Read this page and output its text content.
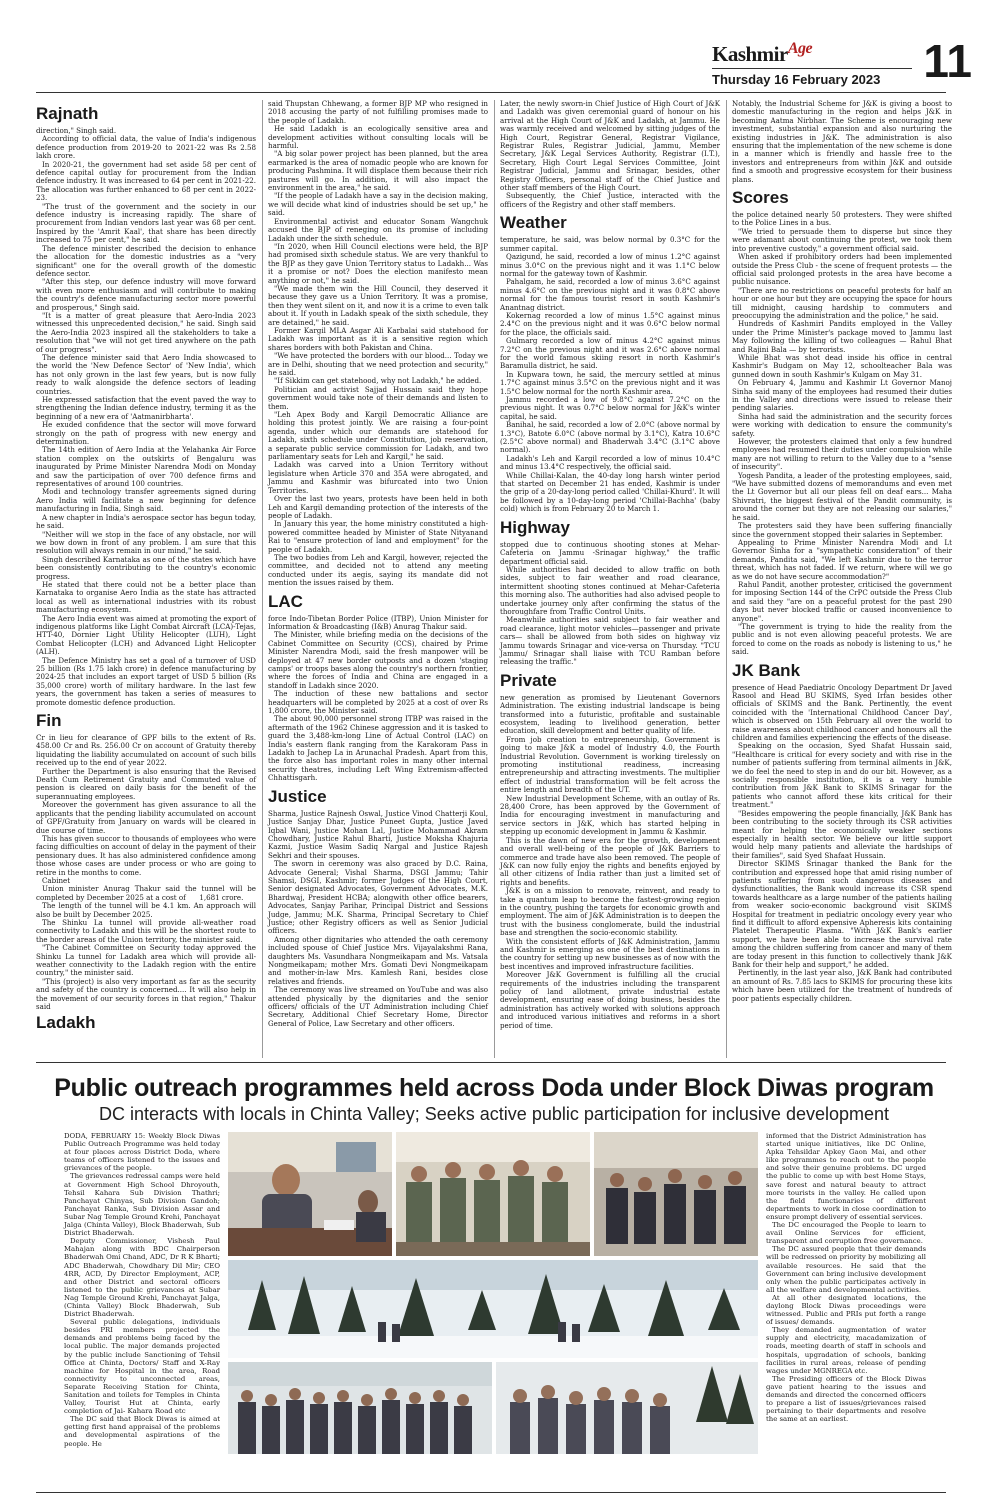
Kashmir$^{Age}$
Thursday 16 February 2023 11
Rajnath

direction," Singh said.

According to official data, the value of India's indigenous defence production from 2019-20 to 2021-22 was Rs 2.58 lakh crore.

In 2020-21, the government had set aside 58 per cent of defence capital outlay for procurement from the Indian defence industry. It was increased to 64 per cent in 2021-22. The allocation was further enhanced to 68 per cent in 2022-23.

"The trust of the government and the society in our defence industry is increasing rapidly. The share of procurement from Indian vendors last year was 68 per cent. Inspired by the 'Amrit Kaal', that share has been directly increased to 75 per cent," he said.

The defence minister described the decision to enhance the allocation for the domestic industries as a "very significant" one for the overall growth of the domestic defence sector.

"After this step, our defence industry will move forward with even more enthusiasm and will contribute to making the country's defence manufacturing sector more powerful and prosperous," Singh said.

"It is a matter of great pleasure that Aero-India 2023 witnessed this unprecedented decision," he said. Singh said the Aero-India 2023 inspired all the stakeholders to take a resolution that "we will not get tired anywhere on the path of our progress".

The defence minister said that Aero India showcased to the world the 'New Defence Sector' of 'New India', which has not only grown in the last few years, but is now fully ready to walk alongside the defence sectors of leading countries.

He expressed satisfaction that the event paved the way to strengthening the Indian defence industry, terming it as the beginning of a new era of 'Aatmanirbharta'.

He exuded confidence that the sector will move forward strongly on the path of progress with new energy and determination.

The 14th edition of Aero India at the Yelahanka Air Force station complex on the outskirts of Bengaluru was inaugurated by Prime Minister Narendra Modi on Monday and saw the participation of over 700 defence firms and representatives of around 100 countries.

Modi and technology transfer agreements signed during Aero India will facilitate a new beginning for defence manufacturing in India, Singh said.

A new chapter in India's aerospace sector has begun today, he said.

"Neither will we stop in the face of any obstacle, nor will we bow down in front of any problem. I am sure that this resolution will always remain in our mind," he said.

Singh described Karnataka as one of the states which have been consistently contributing to the country's economic progress.

He stated that there could not be a better place than Karnataka to organise Aero India as the state has attracted local as well as international industries with its robust manufacturing ecosystem.

The Aero India event was aimed at promoting the export of indigenous platforms like Light Combat Aircraft (LCA)-Tejas, HTT-40, Dornier Light Utility Helicopter (LUH), Light Combat Helicopter (LCH) and Advanced Light Helicopter (ALH).

The Defence Ministry has set a goal of a turnover of USD 25 billion (Rs 1.75 lakh crore) in defence manufacturing by 2024-25 that includes an export target of USD 5 billion (Rs 35,000 crore) worth of military hardware. In the last few years, the government has taken a series of measures to promote domestic defence production.

Fin

Cr in lieu for clearance of GPF bills to the extent of Rs. 458.00 Cr and Rs. 256.00 Cr on account of Gratuity thereby liquidating the liability accumulated on account of such bills received up to the end of year 2022.

Further the Department is also ensuring that the Revised Death Cum Retirement Gratuity and Commuted value of pension is cleared on daily basis for the benefit of the superannuating employees.

Moreover the government has given assurance to all the applicants that the pending liability accumulated on account of GPF/Gratuity from January on wards will be cleared in due course of time.

This has given succor to thousands of employees who were facing difficulties on account of delay in the payment of their pensionary dues. It has also administered confidence among those whose cases are under process or who are going to retire in the months to come.

Cabinet

Union minister Anurag Thakur said the tunnel will be completed by December 2025 at a cost of      1,681 crore.

The length of the tunnel will be 4.1 km. An approach will also be built by December 2025.

The Shinku La tunnel will provide all-weather road connectivity to Ladakh and this will be the shortest route to the border areas of the Union territory, the minister said.

"The Cabinet Committee on Security today approved the Shinku La tunnel for Ladakh area which will provide all-weather connectivity to the Ladakh region with the entire country," the minister said.

"This (project) is also very important as far as the security and safety of the country is concerned.... It will also help in the movement of our security forces in that region," Thakur said

Ladakh

said Thupstan Chhewang, a former BJP MP who resigned in 2018 accusing the party of not fulfilling promises made to the people of Ladakh.

He said Ladakh is an ecologically sensitive area and development activities without consulting locals will be harmful.

"A big solar power project has been planned, but the area earmarked is the area of nomadic people who are known for producing Pashmina. It will displace them because their rich pastures will go. In addition, it will also impact the environment in the area," he said.

"If the people of Ladakh have a say in the decision making, we will decide what kind of industries should be set up," he said.

Environmental activist and educator Sonam Wangchuk accused the BJP of reneging on its promise of including Ladakh under the sixth schedule.

"In 2020, when Hill Council elections were held, the BJP had promised sixth schedule status. We are very thankful to the BJP as they gave Union Territory status to Ladakh... Was it a promise or not? Does the election manifesto mean anything or not," he said.

"We made them win the Hill Council, they deserved it because they gave us a Union Territory. It was a promise, then they went silent on it, and now it is a crime to even talk about it. If youth in Ladakh speak of the sixth schedule, they are detained," he said.

Former Kargil MLA Asgar Ali Karbalai said statehood for Ladakh was important as it is a sensitive region which shares borders with both Pakistan and China.

"We have protected the borders with our blood... Today we are in Delhi, shouting that we need protection and security," he said.

"If Sikkim can get statehood, why not Ladakh," he added.

Politician and activist Sajjad Hussain said they hope government would take note of their demands and listen to them.

"Leh Apex Body and Kargil Democratic Alliance are holding this protest jointly. We are raising a four-point agenda, under which our demands are statehood for Ladakh, sixth schedule under Constitution, job reservation, a separate public service commission for Ladakh, and two parliamentary seats for Leh and Kargil," he said.

Ladakh was carved into a Union Territory without legislature when Article 370 and 35A were abrogated, and Jammu and Kashmir was bifurcated into two Union Territories.

Over the last two years, protests have been held in both Leh and Kargil demanding protection of the interests of the people of Ladakh.

In January this year, the home ministry constituted a high-powered committee headed by Minister of State Nityanand Rai to "ensure protection of land and employment" for the people of Ladakh.

The two bodies from Leh and Kargil, however, rejected the committee, and decided not to attend any meeting conducted under its aegis, saying its mandate did not mention the issues raised by them.

LAC

force Indo-Tibetan Border Police (ITBP), Union Minister for Information & Broadcasting (I&B) Anurag Thakur said.

The Minister, while briefing media on the decisions of the Cabinet Committee on Security (CCS), chaired by Prime Minister Narendra Modi, said the fresh manpower will be deployed at 47 new border outposts and a dozen 'staging camps' or troops bases along the country's northern frontier, where the forces of India and China are engaged in a standoff in Ladakh since 2020.

The induction of these new battalions and sector headquarters will be completed by 2025 at a cost of over Rs 1,800 crore, the Minister said.

The about 90,000 personnel strong ITBP was raised in the aftermath of the 1962 Chinese aggression and it is tasked to guard the 3,488-km-long Line of Actual Control (LAC) on India's eastern flank ranging from the Karakoram Pass in Ladakh to Jachep La in Arunachal Pradesh. Apart from this, the force also has important roles in many other internal security theatres, including Left Wing Extremism-affected Chhattisgarh.

Justice

Sharma, Justice Rajnesh Oswal, Justice Vinod Chatterji Koul, Justice Sanjay Dhar, Justice Puneet Gupta, Justice Javed Iqbal Wani, Justice Mohan Lal, Justice Mohammad Akram Chowdhary, Justice Rahul Bharti, Justice Moksha Khajuria Kazmi, Justice Wasim Sadiq Nargal and Justice Rajesh Sekhri and their spouses.

The sworn in ceremony was also graced by D.C. Raina, Advocate General; Vishal Sharma, DSGI Jammu; Tahir Shamsi, DSGI, Kashmir; former Judges of the High Court, Senior designated Advocates, Government Advocates, M.K. Bhardwaj, President HCBA; alongwith other office bearers, Advocates, Sanjay Parihar, Principal District and Sessions Judge, Jammu; M.K. Sharma, Principal Secretary to Chief Justice; other Registry officers as well as Senior Judicial officers.

Among other dignitaries who attended the oath ceremony included spouse of Chief Justice Mrs. Vijayalakshmi Rana, daughters Ms. Vasundhara Nongmeikapam and Ms. Vatsala Nongmeikapam; mother Mrs. Gomati Devi Nongmeikapam and mother-in-law Mrs. Kamlesh Rani, besides close relatives and friends.

The ceremony was live streamed on YouTube and was also attended physically by the dignitaries and the senior officers/ officials of the UT Administration including Chief Secretary, Additional Chief Secretary Home, Director General of Police, Law Secretary and other officers.

Later, the newly sworn-in Chief Justice of High Court of J&K and Ladakh was given ceremonial guard of honour on his arrival at the High Court of J&K and Ladakh, at Jammu. He was warmly received and welcomed by sitting judges of the High Court, Registrar General, Registrar Vigilance, Registrar Rules, Registrar Judicial, Jammu, Member Secretary, J&K Legal Services Authority, Registrar (I.T.), Secretary, High Court Legal Services Committee, Joint Registrar Judicial, Jammu and Srinagar, besides, other Registry Officers, personal staff of the Chief Justice and other staff members of the High Court.

Subsequently, the Chief Justice, interacted with the officers of the Registry and other staff members.

Weather

temperature, he said, was below normal by 0.3°C for the summer capital.

Qazigund, he said, recorded a low of minus 1.2°C against minus 3.0°C on the previous night and it was 1.1°C below normal for the gateway town of Kashmir.

Pahalgam, he said, recorded a low of minus 3.6°C against minus 4.6°C on the previous night and it was 0.8°C above normal for the famous tourist resort in south Kashmir's Anantnag district.

Kokernag recorded a low of minus 1.5°C against minus 2.4°C on the previous night and it was 0.6°C below normal for the place, the officials said.

Gulmarg recorded a low of minus 4.2°C against minus 7.2°C on the previous night and it was 2.6°C above normal for the world famous skiing resort in north Kashmir's Baramulla district, he said.

In Kupwara town, he said, the mercury settled at minus 1.7°C against minus 3.5°C on the previous night and it was 1.5°C below normal for the north Kashmir area.

Jammu recorded a low of 9.8°C against 7.2°C on the previous night. It was 0.7°C below normal for J&K's winter capital, he said.

Banihal, he said, recorded a low of 2.0°C (above normal by 1.3°C), Batote 6.0°C (above normal by 3.1°C), Katra 10.6°C (2.5°C above normal) and Bhaderwah 3.4°C (3.1°C above normal).

Ladakh's Leh and Kargil recorded a low of minus 10.4°C and minus 13.4°C respectively, the official said.

While Chillai-Kalan, the 40-day long harsh winter period that started on December 21 has ended, Kashmir is under the grip of a 20-day-long period called 'Chillai-Khurd'. It will be followed by a 10-day-long period 'Chillai-Bachha' (baby cold) which is from February 20 to March 1.

Highway

stopped due to continuous shooting stones at Mehar-Cafeteria on Jammu -Srinagar highway," the traffic department official said.

While authorities had decided to allow traffic on both sides, subject to fair weather and road clearance, intermittent shooting stones continued at Mehar-Cafeteria this morning also. The authorities had also advised people to undertake journey only after confirming the status of the thoroughfare from Traffic Control Units.

Meanwhile authorities said subject to fair weather and road clearance, light motor vehicles—passenger and private cars— shall be allowed from both sides on highway viz Jammu towards Srinagar and vice-versa on Thursday. "TCU Jammu/ Srinagar shall liaise with TCU Ramban before releasing the traffic."

Private

new generation as promised by Lieutenant Governors Administration. The existing industrial landscape is being transformed into a futuristic, profitable and sustainable ecosystem, leading to livelihood generation, better education, skill development and better quality of life.

From job creation to entrepreneurship, Government is going to make J&K a model of Industry 4.0, the Fourth Industrial Revolution. Government is working tirelessly on promoting institutional readiness, increasing entrepreneurship and attracting investments. The multiplier effect of industrial transformation will be felt across the entire length and breadth of the UT.

New Industrial Development Scheme, with an outlay of Rs. 28,400 Crore, has been approved by the Government of India for encouraging investment in manufacturing and service sectors in J&K, which has started helping in stepping up economic development in Jammu & Kashmir.

This is the dawn of new era for the growth, development and overall well-being of the people of J&K Barriers to commerce and trade have also been removed. The people of J&K can now fully enjoy the rights and benefits enjoyed by all other citizens of India rather than just a limited set of rights and benefits.

J&K is on a mission to renovate, reinvent, and ready to take a quantum leap to become the fastest-growing region in the country, pushing the targets for economic growth and employment. The aim of J&K Administration is to deepen the trust with the business conglomerate, build the industrial base and strengthen the socio-economic stability.

With the consistent efforts of J&K Administration, Jammu and Kashmir is emerging as one of the best destinations in the country for setting up new businesses as of now with the best incentives and improved infrastructure facilities.

Moreover J&K Government is fulfilling all the crucial requirements of the industries including the transparent policy of land allotment, private industrial estate development, ensuring ease of doing business, besides the administration has actively worked with solutions approach and introduced various initiatives and reforms in a short period of time.

Notably, the Industrial Scheme for J&K is giving a boost to domestic manufacturing in the region and helps J&K in becoming Aatma Nirbhar. The Scheme is encouraging new investment, substantial expansion and also nurturing the existing industries in J&K. The administration is also ensuring that the implementation of the new scheme is done in a manner which is friendly and hassle free to the investors and entrepreneurs from within J&K and outside find a smooth and progressive ecosystem for their business plans.

Scores

the police detained nearly 50 protesters. They were shifted to the Police Lines in a bus.

"We tried to persuade them to disperse but since they were adamant about continuing the protest, we took them into preventive custody," a government official said.

When asked if prohibitory orders had been implemented outside the Press Club - the scene of frequent protests — the official said prolonged protests in the area have become a public nuisance.

"There are no restrictions on peaceful protests for half an hour or one hour but they are occupying the space for hours till midnight, causing hardship to commuters and preoccupying the administration and the police," he said.

Hundreds of Kashmiri Pandits employed in the Valley under the Prime Minister's package moved to Jammu last May following the killing of two colleagues — Rahul Bhat and Rajini Bala — by terrorists.

While Bhat was shot dead inside his office in central Kashmir's Budgam on May 12, schoolteacher Bala was gunned down in south Kashmir's Kulgam on May 31.

On February 4, Jammu and Kashmir Lt Governor Manoj Sinha said many of the employees had resumed their duties in the Valley and directions were issued to release their pending salaries.

Sinha had said the administration and the security forces were working with dedication to ensure the community's safety.

However, the protesters claimed that only a few hundred employees had resumed their duties under compulsion while many are not willing to return to the Valley due to a "sense of insecurity".

Yogesh Pandita, a leader of the protesting employees, said, "We have submitted dozens of memorandums and even met the Lt Governor but all our pleas fell on deaf ears... Maha Shivratri, the biggest festival of the Pandit community, is around the corner but they are not releasing our salaries," he said.

The protesters said they have been suffering financially since the government stopped their salaries in September.

Appealing to Prime Minister Narendra Modi and Lt Governor Sinha for a "sympathetic consideration" of their demands, Pandita said, "We left Kashmir due to the terror threat, which has not faded. If we return, where will we go as we do not have secure accommodation?"

Rahul Pandit, another protester, criticised the government for imposing Section 144 of the CrPC outside the Press Club and said they "are on a peaceful protest for the past 290 days but never blocked traffic or caused inconvenience to anyone".

"The government is trying to hide the reality from the public and is not even allowing peaceful protests. We are forced to come on the roads as nobody is listening to us," he said.

JK Bank

presence of Head Paediatric Oncology Department Dr Javed Rasool and Head BU SKIMS, Syed Irfan besides other officials of SKIMS and the Bank. Pertinently, the event coincided with the 'International Childhood Cancer Day', which is observed on 15th February all over the world to raise awareness about childhood cancer and honours all the children and families experiencing the effects of the disease.

Speaking on the occasion, Syed Shafat Hussain said, "Healthcare is critical for every society and with rise in the number of patients suffering from terminal ailments in J&K, we do feel the need to step in and do our bit. However, as a socially responsible institution, it is a very humble contribution from J&K Bank to SKIMS Srinagar for the patients who cannot afford these kits critical for their treatment."

"Besides empowering the people financially, J&K Bank has been contributing to the society through its CSR activities meant for helping the economically weaker sections especially in health sector. We believe our little support would help many patients and alleviate the hardships of their families", said Syed Shafaat Hussain.

Director SKIMS Srinagar thanked the Bank for the contribution and expressed hope that amid rising number of patients suffering from such dangerous diseases and dysfunctionalities, the Bank would increase its CSR spend towards healthcare as a large number of the patients hailing from weaker socio-economic background visit SKIMS Hospital for treatment in pediatric oncology every year who find it difficult to afford expensive Apheresis kits containing Platelet Therapeutic Plasma. "With J&K Bank's earlier support, we have been able to increase the survival rate among the children suffering from cancer and many of them are today present in this function to collectively thank J&K Bank for their help and support," he added.

Pertinently, in the last year also, J&K Bank had contributed an amount of Rs. 7.85 lacs to SKIMS for procuring these kits which have been utilized for the treatment of hundreds of poor patients especially children.

Public outreach programmes held across Doda under Block Diwas program
DC interacts with locals in Chinta Valley; Seeks active public participation for inclusive development

DODA, FEBRUARY 15: Weekly Block Diwas Public Outreach Programme was held today at four places across District Doda, where teams of officers listened to the issues and grievances of the people.

The grievances redressal camps were held at Government High School Dhroyouth, Tehsil Kahara Sub Division Thathri; Panchayat Chinyas, Sub Division Gandoh; Panchayat Ranka, Sub Division Assar and Subar Nag Temple Ground Krehi, Panchayat Jalga (Chinta Valley), Block Bhaderwah, Sub District Bhaderwah.

Deputy Commissioner, Vishesh Paul Mahajan along with BDC Chairperson Bhaderwah Omi Chand, ADC, Dr R K Bharti; ADC Bhaderwah, Chowdhary Dil Mir; CEO 4RR, ACD, Dy Director Employment, ACP, and other District and sectoral officers listened to the public grievances at Subar Nag Temple Ground Krehi, Panchayat Jalga, (Chinta Valley) Block Bhaderwah, Sub District Bhaderwah.

Several public delegations, individuals besides PRI members projected the demands and problems being faced by the local public. The major demands projected by the public include Sanctioning of Tehsil Office at Chinta, Doctors/ Staff and X-Ray machine for Hospital in the area, Road connectivity to unconnected areas, Separate Receiving Station for Chinta, Sanitation and toilets for Temples in Chinta Valley, Tourist Hut at Chinta, early completion of Jai- Kahara Road etc

The DC said that Block Diwas is aimed at getting first hand appraisal of the problems and developmental aspirations of the people. He

informed that the District Administration has started unique initiatives, like DC Online, Apka Tehsildar Apkey Gaon Mai, and other like programmes to reach out to the people and solve their genuine problems. DC urged the public to come up with best Home Stays, save forest and natural beauty to attract more tourists in the valley. He called upon the field functionaries of different departments to work in close coordination to ensure prompt delivery of essential services.

The DC encouraged the People to learn to avail Online Services for efficient, transparent and corruption free governance.

The DC assured people that their demands will be redressed on priority by mobilizing all available resources. He said that the Government can bring inclusive development only when the public participates actively in all the welfare and developmental activities.

At all other designated locations, the daylong Block Diwas proceedings were witnessed. Public and PRIs put forth a range of issues/ demands.

They demanded augmentation of water supply and electricity, macadamization of roads, meeting dearth of staff in schools and hospitals, upgradation of schools, banking facilities in rural areas, release of pending wages under MGNREGA etc.

The Presiding officers of the Block Diwas gave patient hearing to the issues and demands and directed the concerned officers to prepare a list of issues/grievances raised pertaining to their departments and resolve the same at an earliest.
